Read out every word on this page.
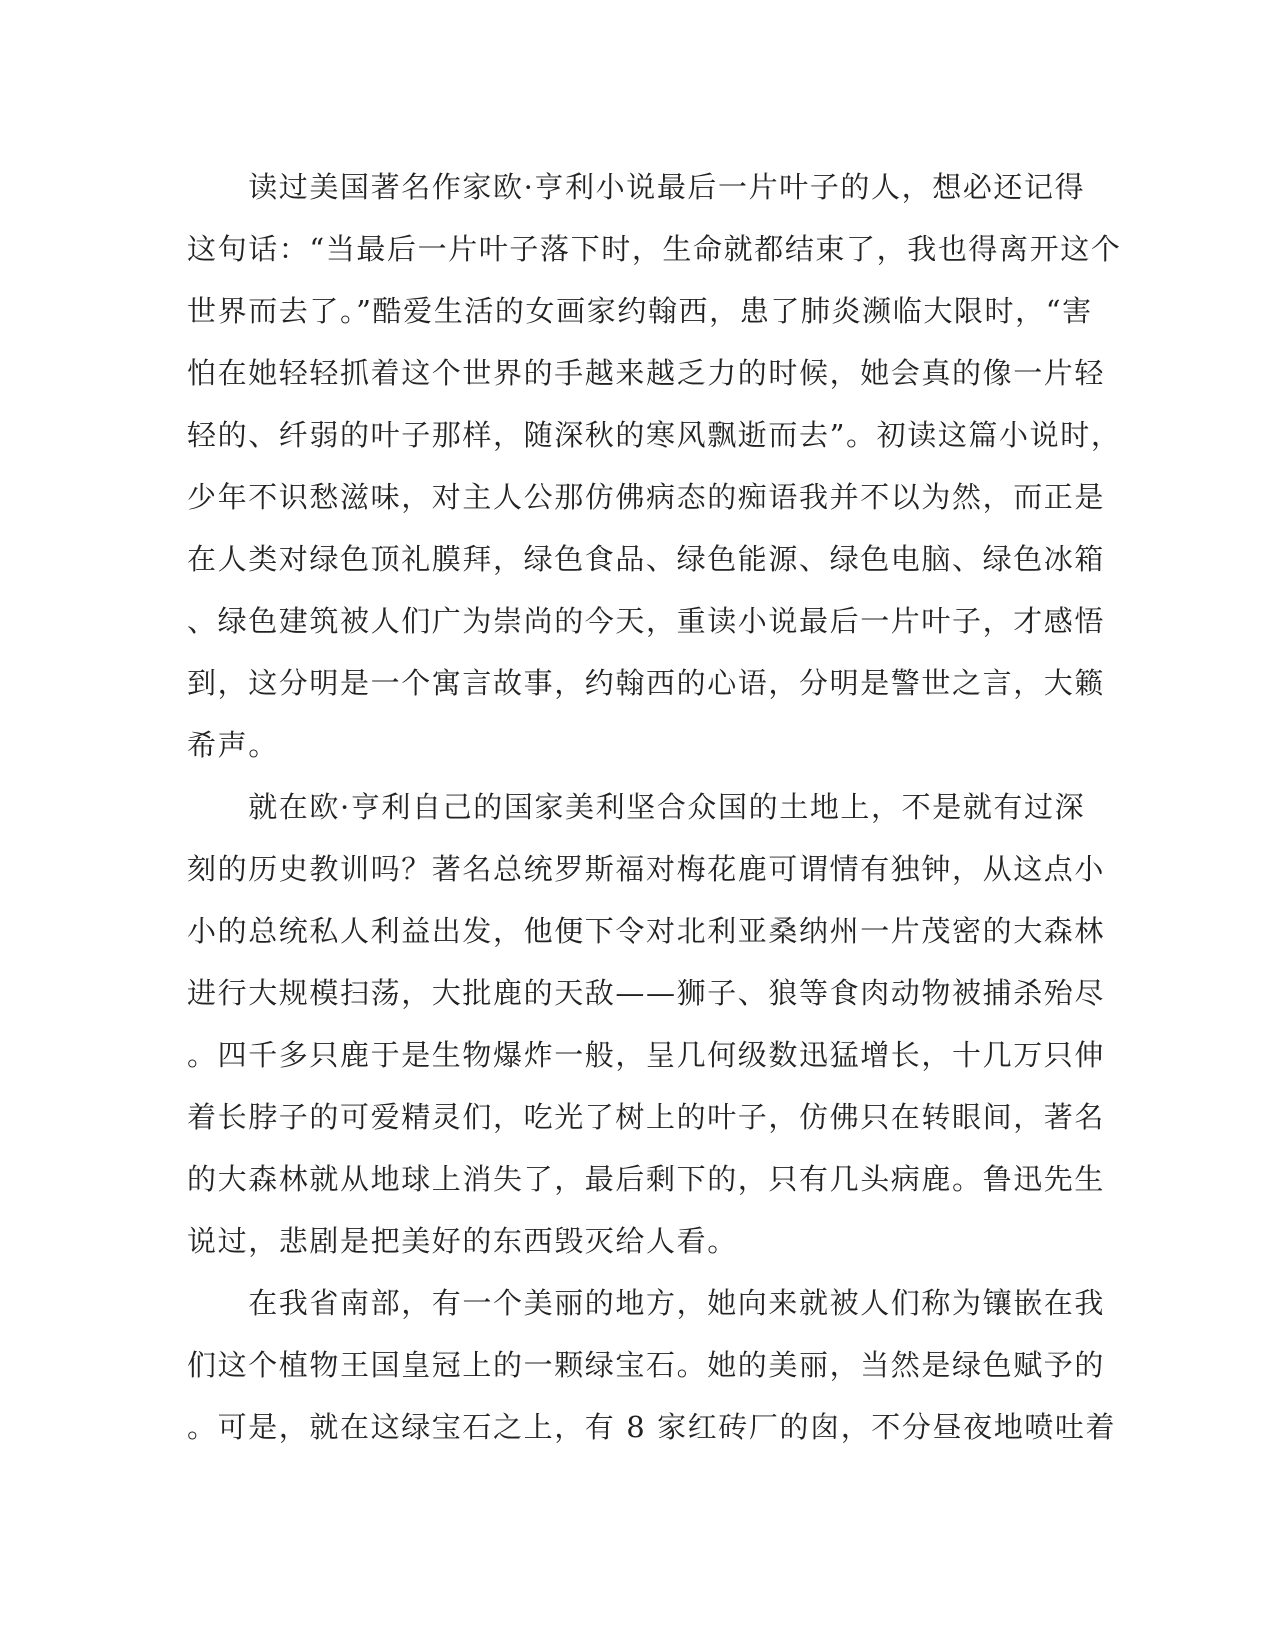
　　读过美国著名作家欧·亨利小说最后一片叶子的人，想必还记得
这句话：“当最后一片叶子落下时，生命就都结束了，我也得离开这个
世界而去了。”酷爱生活的女画家约翰西，患了肺炎濒临大限时，“害
怕在她轻轻抓着这个世界的手越来越乏力的时候，她会真的像一片轻
轻的、纤弱的叶子那样，随深秋的寒风飘逝而去”。初读这篇小说时，
少年不识愁滋味，对主人公那仿佛病态的痴语我并不以为然，而正是
在人类对绿色顶礼膜拜，绿色食品、绿色能源、绿色电脑、绿色冰箱
、绿色建筑被人们广为崇尚的今天，重读小说最后一片叶子，才感悟
到，这分明是一个寓言故事，约翰西的心语，分明是警世之言，大籁
希声。
　　就在欧·亨利自己的国家美利坚合众国的土地上，不是就有过深
刻的历史教训吗？著名总统罗斯福对梅花鹿可谓情有独钟，从这点小
小的总统私人利益出发，他便下令对北利亚桑纳州一片茂密的大森林
进行大规模扫荡，大批鹿的天敌——狮子、狼等食肉动物被捕杀殆尽
。四千多只鹿于是生物爆炸一般，呈几何级数迅猛增长，十几万只伸
着长脖子的可爱精灵们，吃光了树上的叶子，仿佛只在转眼间，著名
的大森林就从地球上消失了，最后剩下的，只有几头病鹿。鲁迅先生
说过，悲剧是把美好的东西毁灭给人看。
　　在我省南部，有一个美丽的地方，她向来就被人们称为镶嵌在我
们这个植物王国皇冠上的一颗绿宝石。她的美丽，当然是绿色赋予的
。可是，就在这绿宝石之上，有 8 家红砖厂的囱，不分昼夜地喷吐着
